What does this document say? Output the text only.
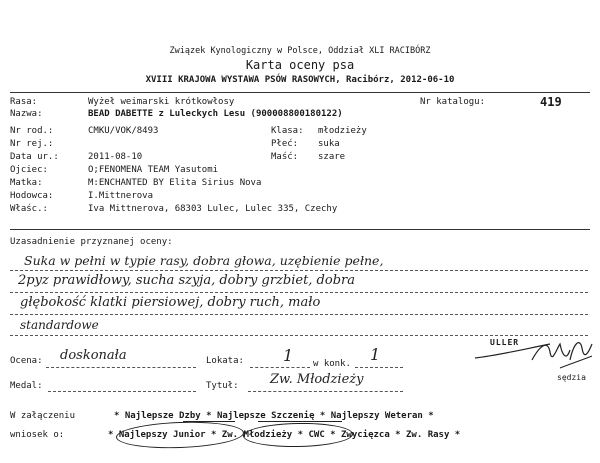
Związek Kynologiczny w Polsce, Oddział XLI RACIBÓRZ
Karta oceny psa
XVIII KRAJOWA WYSTAWA PSÓW RASOWYCH, Racibórz, 2012-06-10
Rasa:	Wyżeł weimarski krótkowłosy	Nr katalogu:	419
Nazwa:	BEAD DABETTE z Luleckych Lesu (900008800180122)
Nr rod.:	CMKU/VOK/8493	Klasa: młodzieży
Nr rej.:	Płeć: suka
Data ur.:	2011-08-10	Maść: szare
Ojciec:	O;FENOMENA TEAM Yasutomi
Matka:	M:ENCHANTED BY Elita Sirius Nova
Hodowca:	I.Mittnerova
Właśc.:	Iva Mittnerova, 68303 Lulec, Lulec 335, Czechy
Uzasadnienie przyznanej oceny:
Suka w pełni w typie rasy, dobra głowa, uzębienie pełne,
2pyz prawidłowy, sucha szyja, dobry grzbiet, dobra
głębokość klatki piersiowej, dobry ruch, mało
standardowe
ULLER
sędzia
Ocena: doskonała	Lokata: 1 w konk. 1
Medal:	Tytuł: Zw. Młodzieży
W załączeniu
wniosek o:
* Najlepsze Dzby * Najlepsze Szczenię * Najlepszy Weteran *
* Najlepszy Junior * Zw. Młodzieży * CWC * Zwycięzca * Zw. Rasy *
